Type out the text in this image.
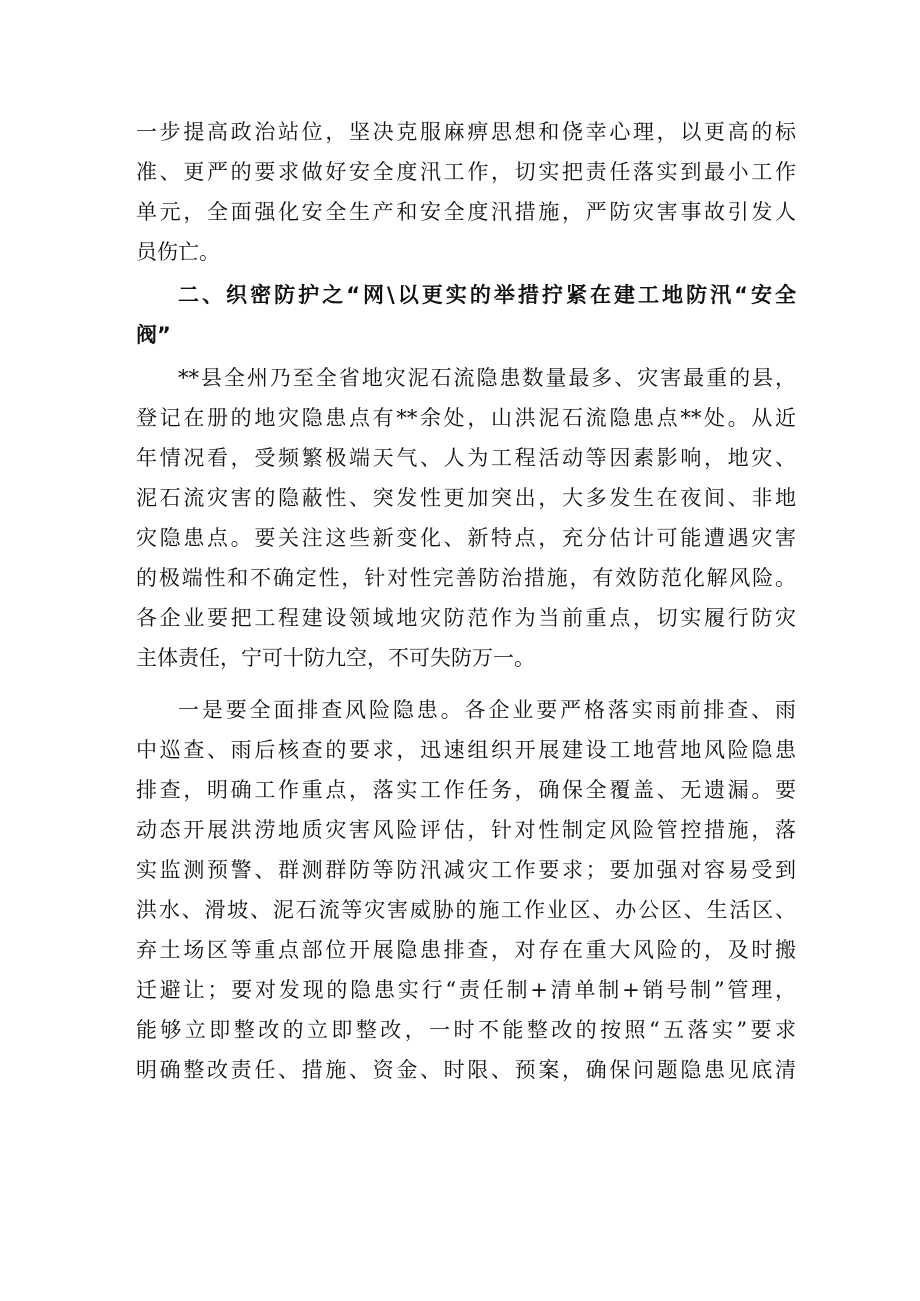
一步提高政治站位，坚决克服麻痹思想和侥幸心理，以更高的标
准、更严的要求做好安全度汛工作，切实把责任落实到最小工作
单元，全面强化安全生产和安全度汛措施，严防灾害事故引发人
员伤亡。
二、织密防护之“网\以更实的举措拧紧在建工地防汛“安全
阀”
**县全州乃至全省地灾泥石流隐患数量最多、灾害最重的县，
登记在册的地灾隐患点有**余处，山洪泥石流隐患点**处。从近
年情况看，受频繁极端天气、人为工程活动等因素影响，地灾、
泥石流灾害的隐蔽性、突发性更加突出，大多发生在夜间、非地
灾隐患点。要关注这些新变化、新特点，充分估计可能遭遇灾害
的极端性和不确定性，针对性完善防治措施，有效防范化解风险。
各企业要把工程建设领域地灾防范作为当前重点，切实履行防灾
主体责任，宁可十防九空，不可失防万一。
一是要全面排查风险隐患。各企业要严格落实雨前排查、雨
中巡查、雨后核查的要求，迅速组织开展建设工地营地风险隐患
排查，明确工作重点，落实工作任务，确保全覆盖、无遗漏。要
动态开展洪涝地质灾害风险评估，针对性制定风险管控措施，落
实监测预警、群测群防等防汛减灾工作要求；要加强对容易受到
洪水、滑坡、泥石流等灾害威胁的施工作业区、办公区、生活区、
弃土场区等重点部位开展隐患排查，对存在重大风险的，及时搬
迁避让；要对发现的隐患实行“责任制+清单制+销号制”管理，
能够立即整改的立即整改，一时不能整改的按照“五落实”要求
明确整改责任、措施、资金、时限、预案，确保问题隐患见底清
